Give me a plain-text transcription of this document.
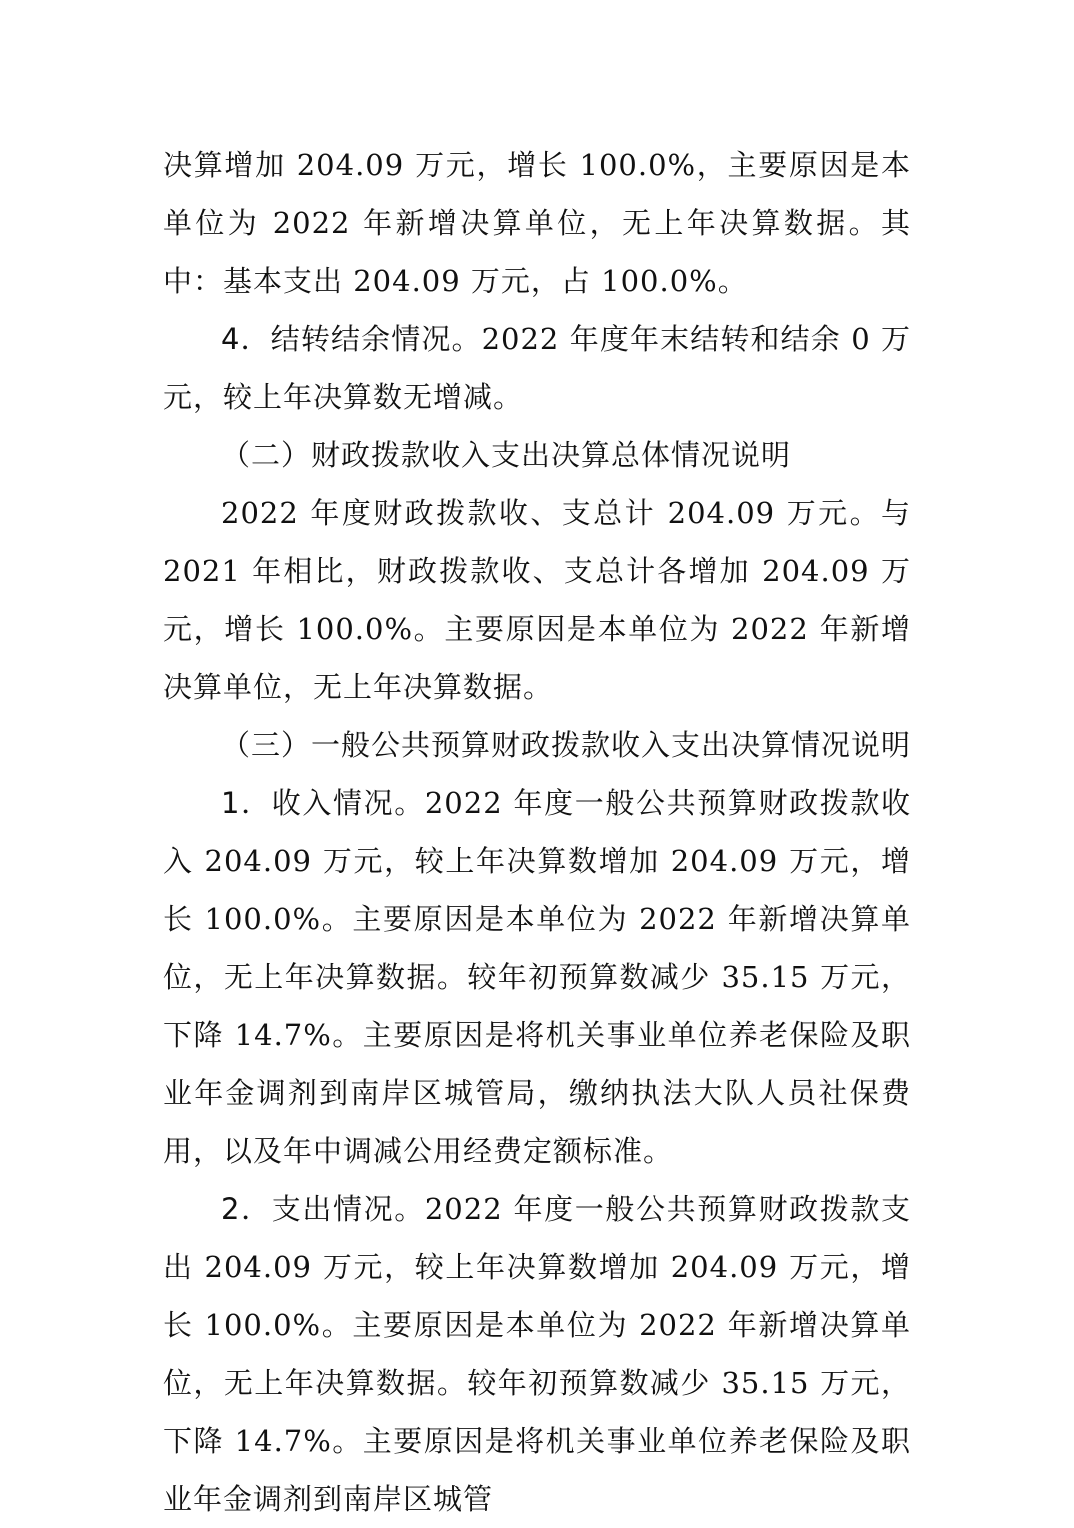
决算增加 204.09 万元，增长 100.0%，主要原因是本单位为 2022 年新增决算单位，无上年决算数据。其中：基本支出 204.09 万元，占 100.0%。

4．结转结余情况。2022 年度年末结转和结余 0 万元，较上年决算数无增减。

（二）财政拨款收入支出决算总体情况说明

2022 年度财政拨款收、支总计 204.09 万元。与 2021 年相比，财政拨款收、支总计各增加 204.09 万元，增长 100.0%。主要原因是本单位为 2022 年新增决算单位，无上年决算数据。

（三）一般公共预算财政拨款收入支出决算情况说明

1．收入情况。2022 年度一般公共预算财政拨款收入 204.09 万元，较上年决算数增加 204.09 万元，增长 100.0%。主要原因是本单位为 2022 年新增决算单位，无上年决算数据。较年初预算数减少 35.15 万元，下降 14.7%。主要原因是将机关事业单位养老保险及职业年金调剂到南岸区城管局，缴纳执法大队人员社保费用，以及年中调减公用经费定额标准。

2．支出情况。2022 年度一般公共预算财政拨款支出 204.09 万元，较上年决算数增加 204.09 万元，增长 100.0%。主要原因是本单位为 2022 年新增决算单位，无上年决算数据。较年初预算数减少 35.15 万元，下降 14.7%。主要原因是将机关事业单位养老保险及职业年金调剂到南岸区城管
